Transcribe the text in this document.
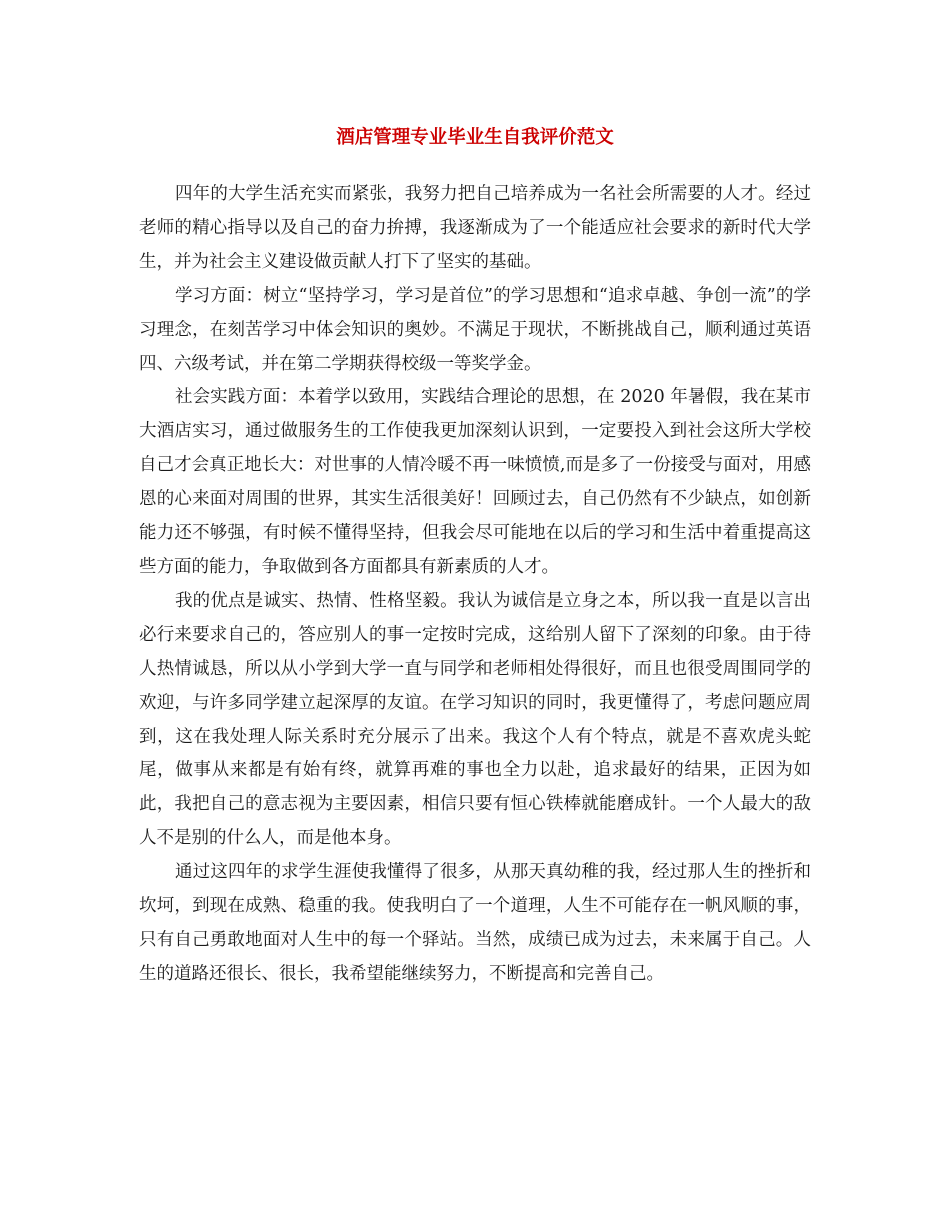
酒店管理专业毕业生自我评价范文

四年的大学生活充实而紧张，我努力把自己培养成为一名社会所需要的人才。经过老师的精心指导以及自己的奋力拚搏，我逐渐成为了一个能适应社会要求的新时代大学生，并为社会主义建设做贡献人打下了坚实的基础。

学习方面：树立“坚持学习，学习是首位”的学习思想和“追求卓越、争创一流”的学习理念，在刻苦学习中体会知识的奥妙。不满足于现状，不断挑战自己，顺利通过英语四、六级考试，并在第二学期获得校级一等奖学金。

社会实践方面：本着学以致用，实践结合理论的思想，在 2020 年暑假，我在某市大酒店实习，通过做服务生的工作使我更加深刻认识到，一定要投入到社会这所大学校自己才会真正地长大：对世事的人情冷暖不再一味愤愤,而是多了一份接受与面对，用感恩的心来面对周围的世界，其实生活很美好！回顾过去，自己仍然有不少缺点，如创新能力还不够强，有时候不懂得坚持，但我会尽可能地在以后的学习和生活中着重提高这些方面的能力，争取做到各方面都具有新素质的人才。

我的优点是诚实、热情、性格坚毅。我认为诚信是立身之本，所以我一直是以言出必行来要求自己的，答应别人的事一定按时完成，这给别人留下了深刻的印象。由于待人热情诚恳，所以从小学到大学一直与同学和老师相处得很好，而且也很受周围同学的欢迎，与许多同学建立起深厚的友谊。在学习知识的同时，我更懂得了，考虑问题应周到，这在我处理人际关系时充分展示了出来。我这个人有个特点，就是不喜欢虎头蛇尾，做事从来都是有始有终，就算再难的事也全力以赴，追求最好的结果，正因为如此，我把自己的意志视为主要因素，相信只要有恒心铁棒就能磨成针。一个人最大的敌人不是别的什么人，而是他本身。

通过这四年的求学生涯使我懂得了很多，从那天真幼稚的我，经过那人生的挫折和坎坷，到现在成熟、稳重的我。使我明白了一个道理，人生不可能存在一帆风顺的事，只有自己勇敢地面对人生中的每一个驿站。当然，成绩已成为过去，未来属于自己。人生的道路还很长、很长，我希望能继续努力，不断提高和完善自己。
